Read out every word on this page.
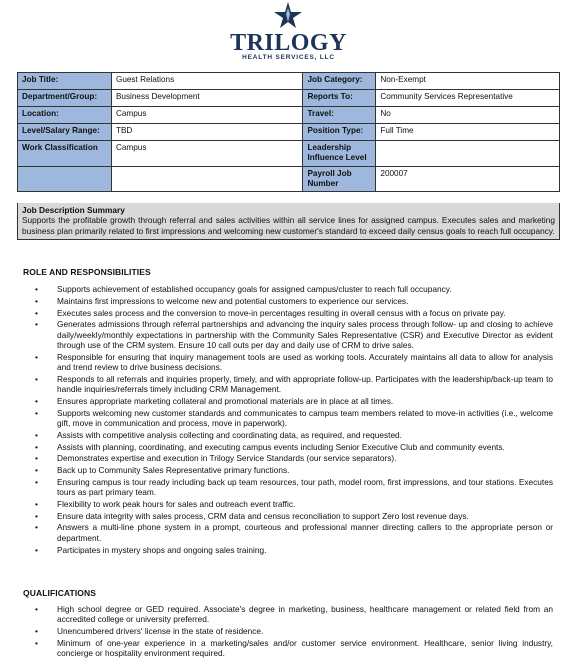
TRILOGY
HEALTH SERVICES, LLC
Job Title:	Guest Relations	Job Category:	Non-Exempt
Department/Group:	Business Development	Reports To:	Community Services Representative
Location:	Campus	Travel:	No
Level/Salary Range:	TBD	Position Type:	Full Time
Work Classification	Campus	Leadership Influence Level	
		Payroll Job Number	200007
Job Description Summary

Supports the profitable growth through referral and sales activities within all service lines for assigned campus. Executes sales and marketing business plan primarily related to first impressions and welcoming new customer's standard to exceed daily census goals to reach full occupancy.

ROLE AND RESPONSIBILITIES
• Supports achievement of established occupancy goals for assigned campus/cluster to reach full occupancy.
• Maintains first impressions to welcome new and potential customers to experience our services.
• Executes sales process and the conversion to move-in percentages resulting in overall census with a focus on private pay.
• Generates admissions through referral partnerships and advancing the inquiry sales process through follow- up and closing to achieve daily/weekly/monthly expectations in partnership with the Community Sales Representative (CSR) and Executive Director as evident through use of the CRM system. Ensure 10 call outs per day and daily use of CRM to drive sales.
• Responsible for ensuring that inquiry management tools are used as working tools. Accurately maintains all data to allow for analysis and trend review to drive business decisions.
• Responds to all referrals and inquiries properly, timely, and with appropriate follow-up. Participates with the leadership/back-up team to handle inquiries/referrals timely including CRM Management.
• Ensures appropriate marketing collateral and promotional materials are in place at all times.
• Supports welcoming new customer standards and communicates to campus team members related to move-in activities (i.e., welcome gift, move in communication and process, move in paperwork).
• Assists with competitive analysis collecting and coordinating data, as required, and requested.
• Assists with planning, coordinating, and executing campus events including Senior Executive Club and community events.
• Demonstrates expertise and execution in Trilogy Service Standards (our service separators).
• Back up to Community Sales Representative primary functions.
• Ensuring campus is tour ready including back up team resources, tour path, model room, first impressions, and tour stations. Executes tours as part primary team.
• Flexibility to work peak hours for sales and outreach event traffic.
• Ensure data integrity with sales process, CRM data and census reconciliation to support Zero lost revenue days.
• Answers a multi-line phone system in a prompt, courteous and professional manner directing callers to the appropriate person or department.
• Participates in mystery shops and ongoing sales training.
QUALIFICATIONS
• High school degree or GED required. Associate's degree in marketing, business, healthcare management or related field from an accredited college or university preferred.
• Unencumbered drivers' license in the state of residence.
• Minimum of one-year experience in a marketing/sales and/or customer service environment. Healthcare, senior living industry, concierge or hospitality environment required.
